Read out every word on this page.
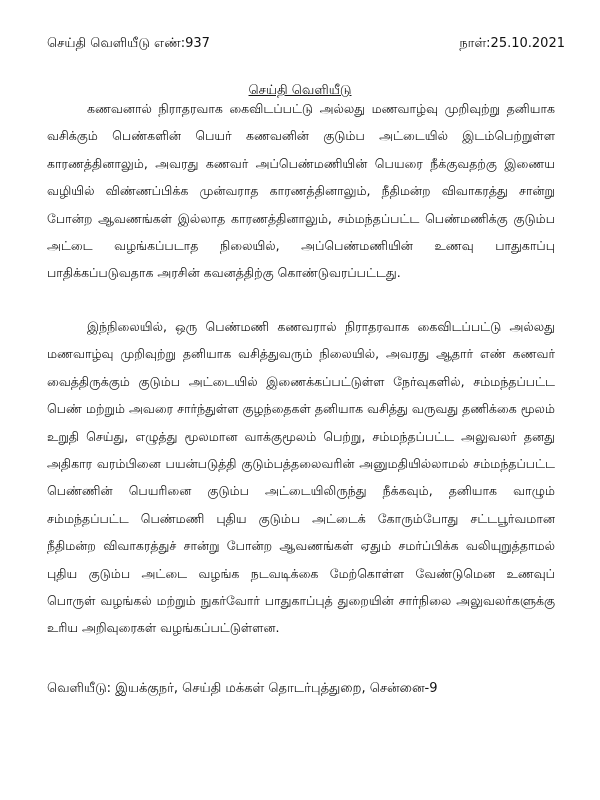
செய்தி வெளியீடு எண்:937	நாள்:25.10.2021
செய்தி வெளியீடு

கணவனால் நிராதரவாக கைவிடப்பட்டு அல்லது மணவாழ்வு முறிவுற்று தனியாக வசிக்கும் பெண்களின் பெயர் கணவனின் குடும்ப அட்டையில் இடம்பெற்றுள்ள காரணத்தினாலும், அவரது கணவர் அப்பெண்மணியின் பெயரை நீக்குவதற்கு இணைய வழியில் விண்ணப்பிக்க முன்வராத காரணத்தினாலும், நீதிமன்ற விவாகரத்து சான்று போன்ற ஆவணங்கள் இல்லாத காரணத்தினாலும், சம்மந்தப்பட்ட பெண்மணிக்கு குடும்ப அட்டை வழங்கப்படாத நிலையில், அப்பெண்மணியின் உணவு பாதுகாப்பு பாதிக்கப்படுவதாக அரசின் கவனத்திற்கு கொண்டுவரப்பட்டது.

இந்நிலையில், ஒரு பெண்மணி கணவரால் நிராதரவாக கைவிடப்பட்டு அல்லது மணவாழ்வு முறிவுற்று தனியாக வசித்துவரும் நிலையில், அவரது ஆதார் எண் கணவர் வைத்திருக்கும் குடும்ப அட்டையில் இணைக்கப்பட்டுள்ள நேர்வுகளில், சம்மந்தப்பட்ட பெண் மற்றும் அவரை சார்ந்துள்ள குழந்தைகள் தனியாக வசித்து வருவது தணிக்கை மூலம் உறுதி செய்து, எழுத்து மூலமான வாக்குமூலம் பெற்று, சம்மந்தப்பட்ட அலுவலர் தனது அதிகார வரம்பினை பயன்படுத்தி குடும்பத்தலைவரின் அனுமதியில்லாமல் சம்மந்தப்பட்ட பெண்ணின் பெயரினை குடும்ப அட்டையிலிருந்து நீக்கவும், தனியாக வாழும் சம்மந்தப்பட்ட பெண்மணி புதிய குடும்ப அட்டைக் கோரும்போது சட்டபூர்வமான நீதிமன்ற விவாகரத்துச் சான்று போன்ற ஆவணங்கள் ஏதும் சமர்ப்பிக்க வலியுறுத்தாமல் புதிய குடும்ப அட்டை வழங்க நடவடிக்கை மேற்கொள்ள வேண்டுமென உணவுப் பொருள் வழங்கல் மற்றும் நுகர்வோர் பாதுகாப்புத் துறையின் சார்நிலை அலுவலர்களுக்கு உரிய அறிவுரைகள் வழங்கப்பட்டுள்ளன.

வெளியீடு: இயக்குநர், செய்தி மக்கள் தொடர்புத்துறை, சென்னை-9
